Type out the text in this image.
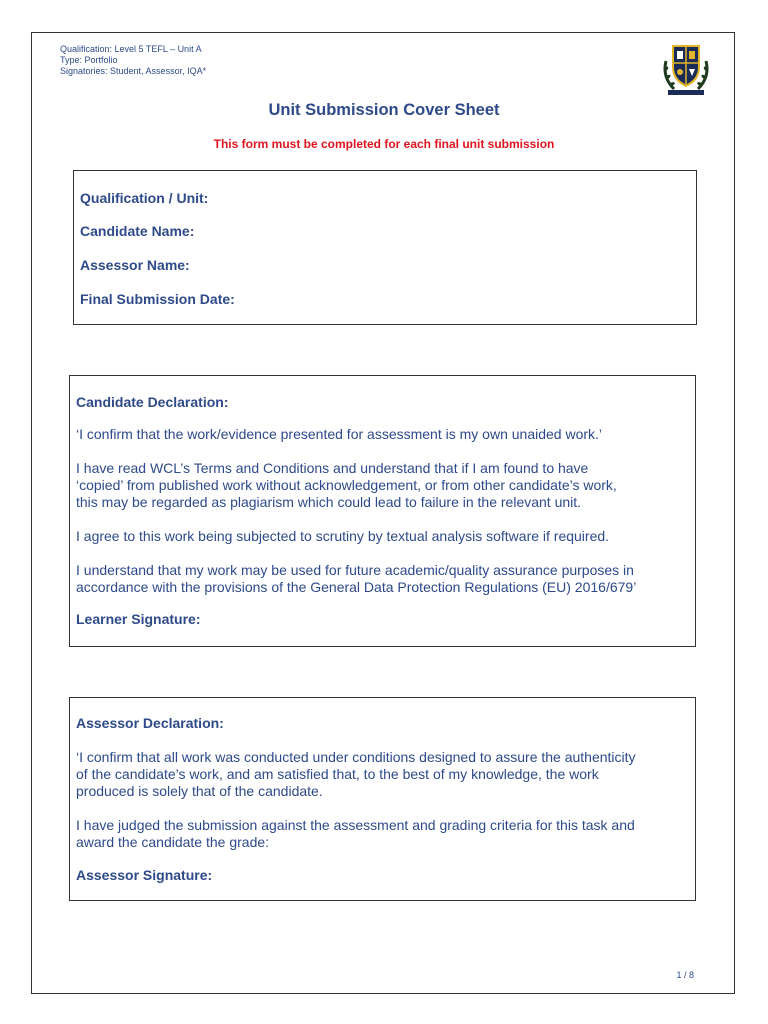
Qualification: Level 5 TEFL – Unit A
Type: Portfolio
Signatories: Student, Assessor, IQA*
Unit Submission Cover Sheet
This form must be completed for each final unit submission
Qualification / Unit:
Candidate Name:
Assessor Name:
Final Submission Date:
Candidate Declaration:
‘I confirm that the work/evidence presented for assessment is my own unaided work.’
I have read WCL’s Terms and Conditions and understand that if I am found to have
‘copied’ from published work without acknowledgement, or from other candidate’s work,
this may be regarded as plagiarism which could lead to failure in the relevant unit.
I agree to this work being subjected to scrutiny by textual analysis software if required.
I understand that my work may be used for future academic/quality assurance purposes in
accordance with the provisions of the General Data Protection Regulations (EU) 2016/679’
Learner Signature:
Assessor Declaration:
‘I confirm that all work was conducted under conditions designed to assure the authenticity
of the candidate’s work, and am satisfied that, to the best of my knowledge, the work
produced is solely that of the candidate.
I have judged the submission against the assessment and grading criteria for this task and
award the candidate the grade:
Assessor Signature:
1 / 8
